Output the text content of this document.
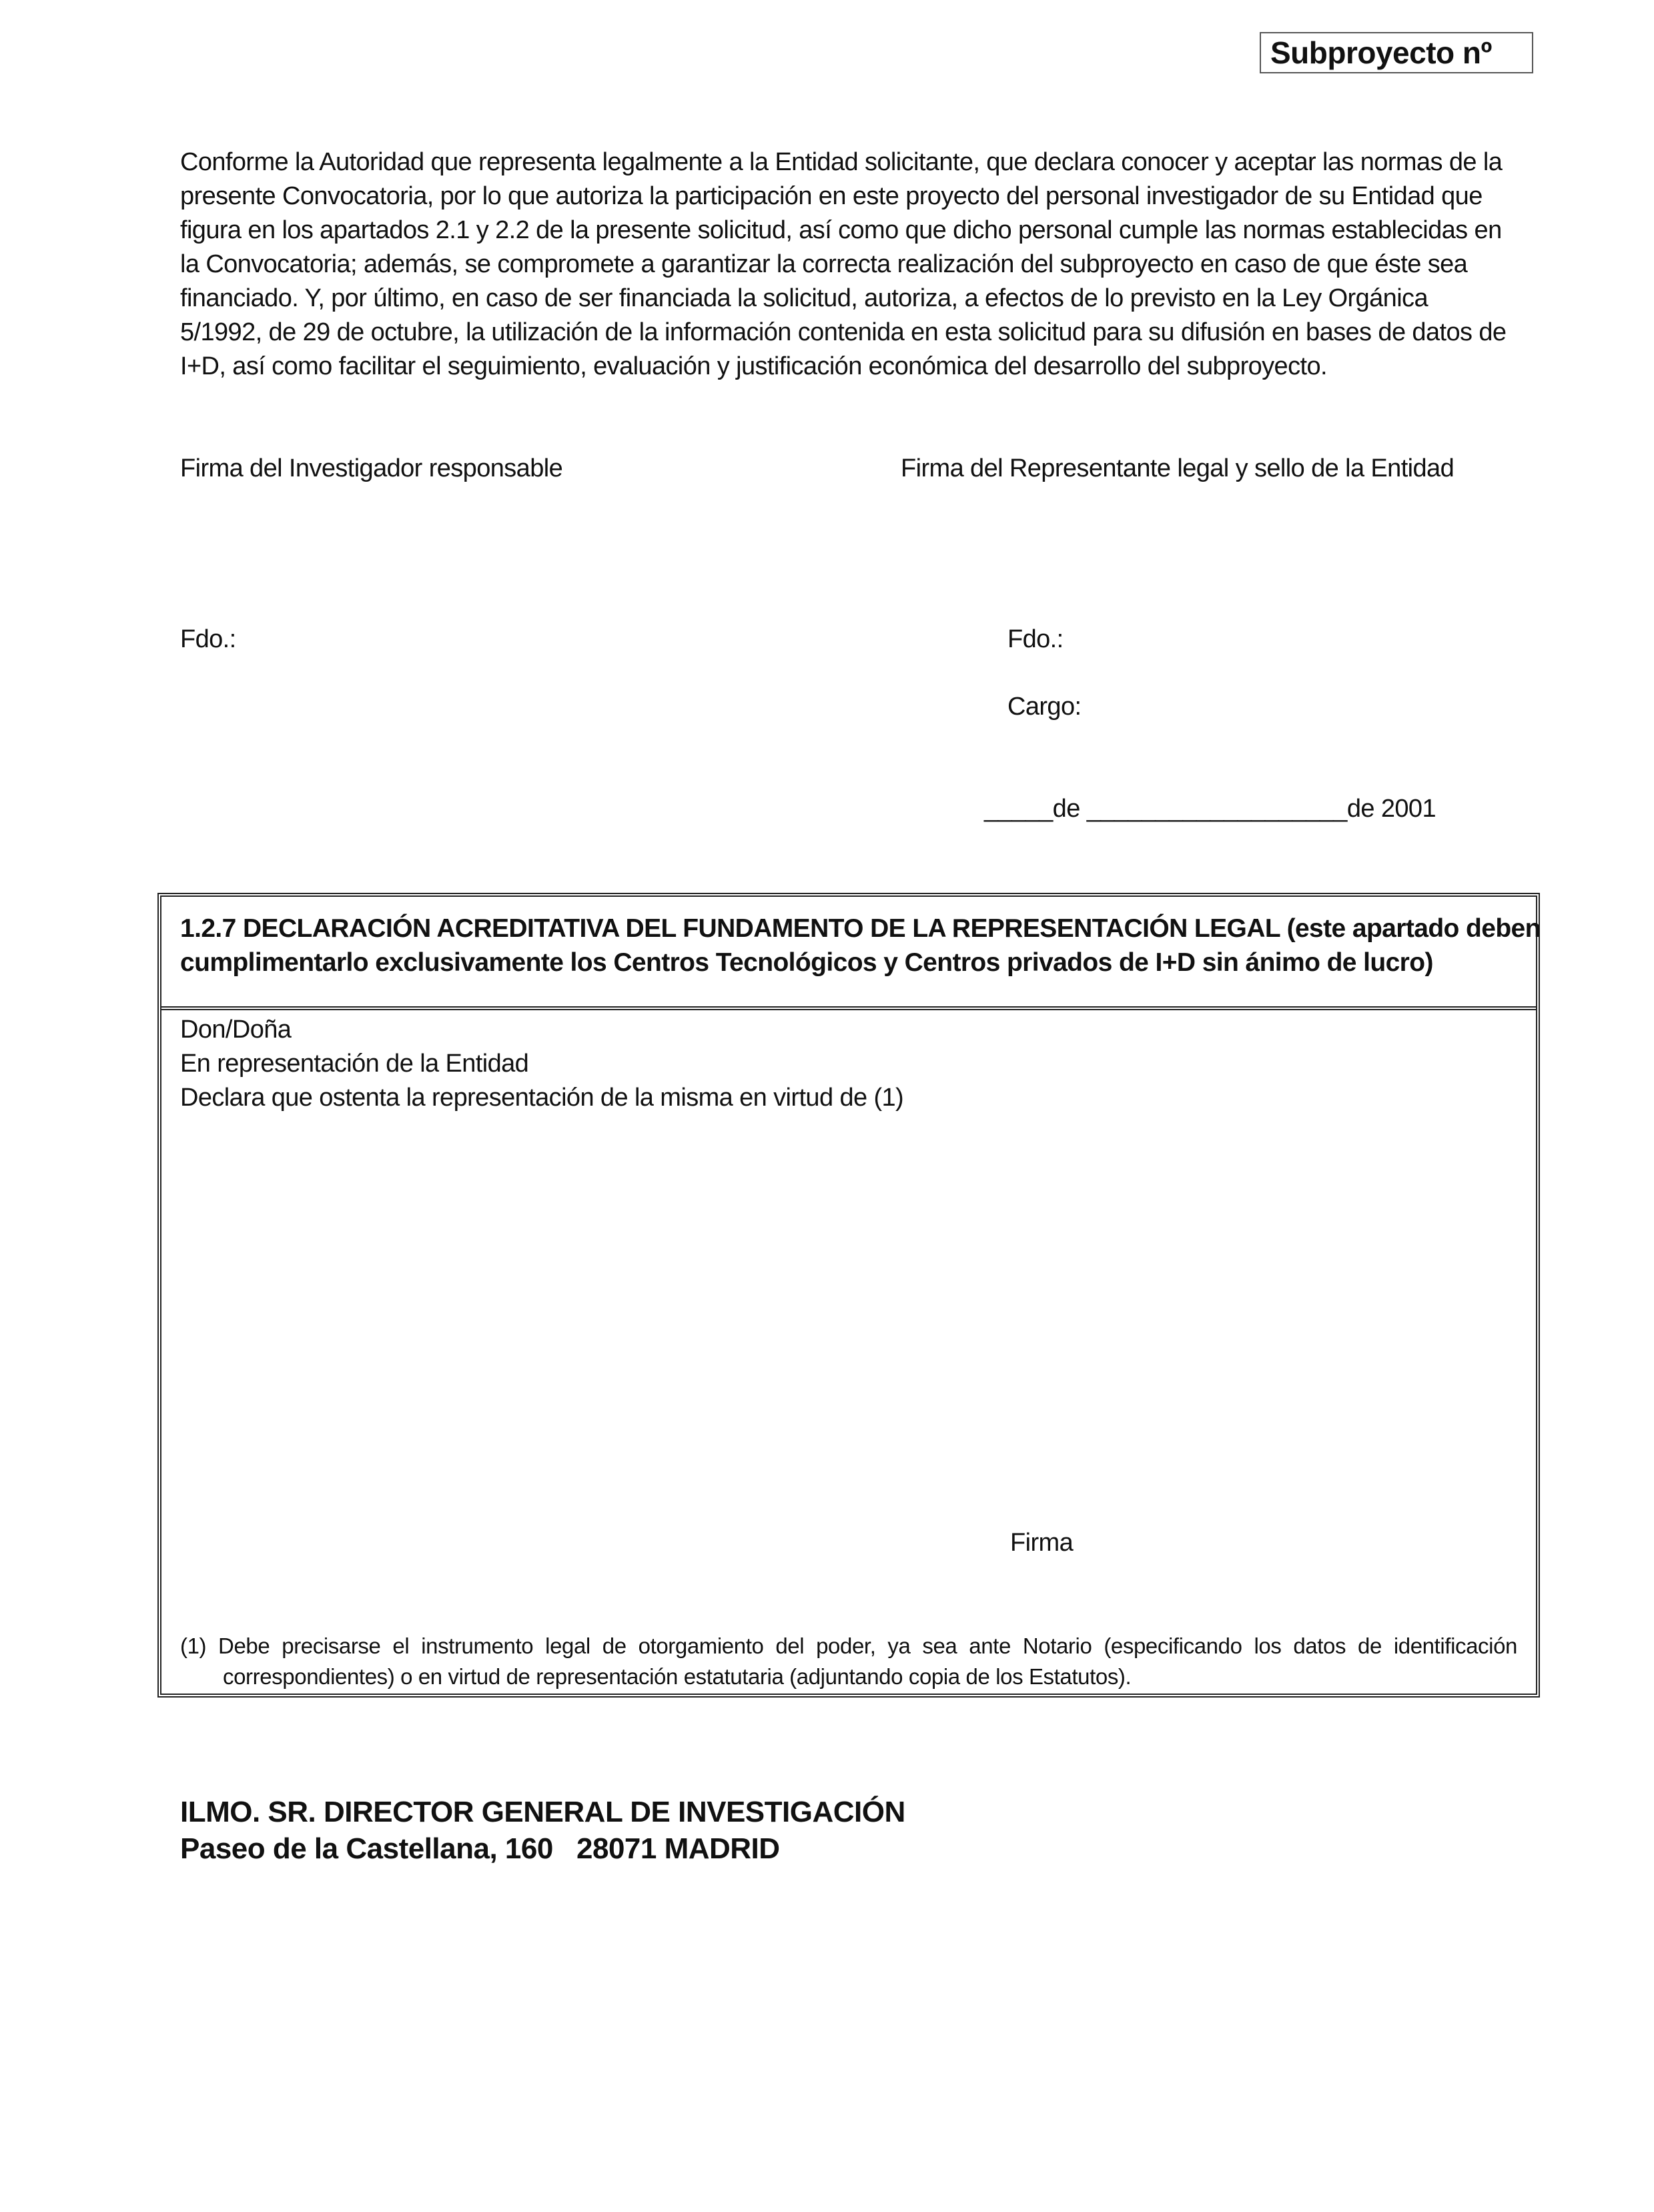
Subproyecto nº
Conforme la Autoridad que representa legalmente a la Entidad solicitante, que declara conocer y aceptar las normas de la
presente Convocatoria, por lo que autoriza la participación en este proyecto del personal investigador de su Entidad que
figura en los apartados 2.1 y 2.2 de la presente solicitud, así como que dicho personal cumple las normas establecidas en
la Convocatoria; además, se compromete a garantizar la correcta realización del subproyecto en caso de que éste sea
financiado. Y, por último, en caso de ser financiada la solicitud, autoriza, a efectos de lo previsto en la Ley Orgánica
5/1992, de 29 de octubre, la utilización de la información contenida en esta solicitud para su difusión en bases de datos de
I+D, así como facilitar el seguimiento, evaluación y justificación económica del desarrollo del subproyecto.
Firma del Investigador responsable	Firma del Representante legal y sello de la Entidad
Fdo.:	Fdo.:
Cargo:
_____de ___________________de 2001
1.2.7 DECLARACIÓN ACREDITATIVA DEL FUNDAMENTO DE LA REPRESENTACIÓN LEGAL (este apartado deben
cumplimentarlo exclusivamente los Centros Tecnológicos y Centros privados de I+D sin ánimo de lucro)
Don/Doña
En representación de la Entidad
Declara que ostenta la representación de la misma en virtud de (1)
Firma
(1) Debe precisarse el instrumento legal de otorgamiento del poder, ya sea ante Notario (especificando los datos de identificación
correspondientes) o en virtud de representación estatutaria (adjuntando copia de los Estatutos).
ILMO. SR. DIRECTOR GENERAL DE INVESTIGACIÓN
Paseo de la Castellana, 160   28071 MADRID
